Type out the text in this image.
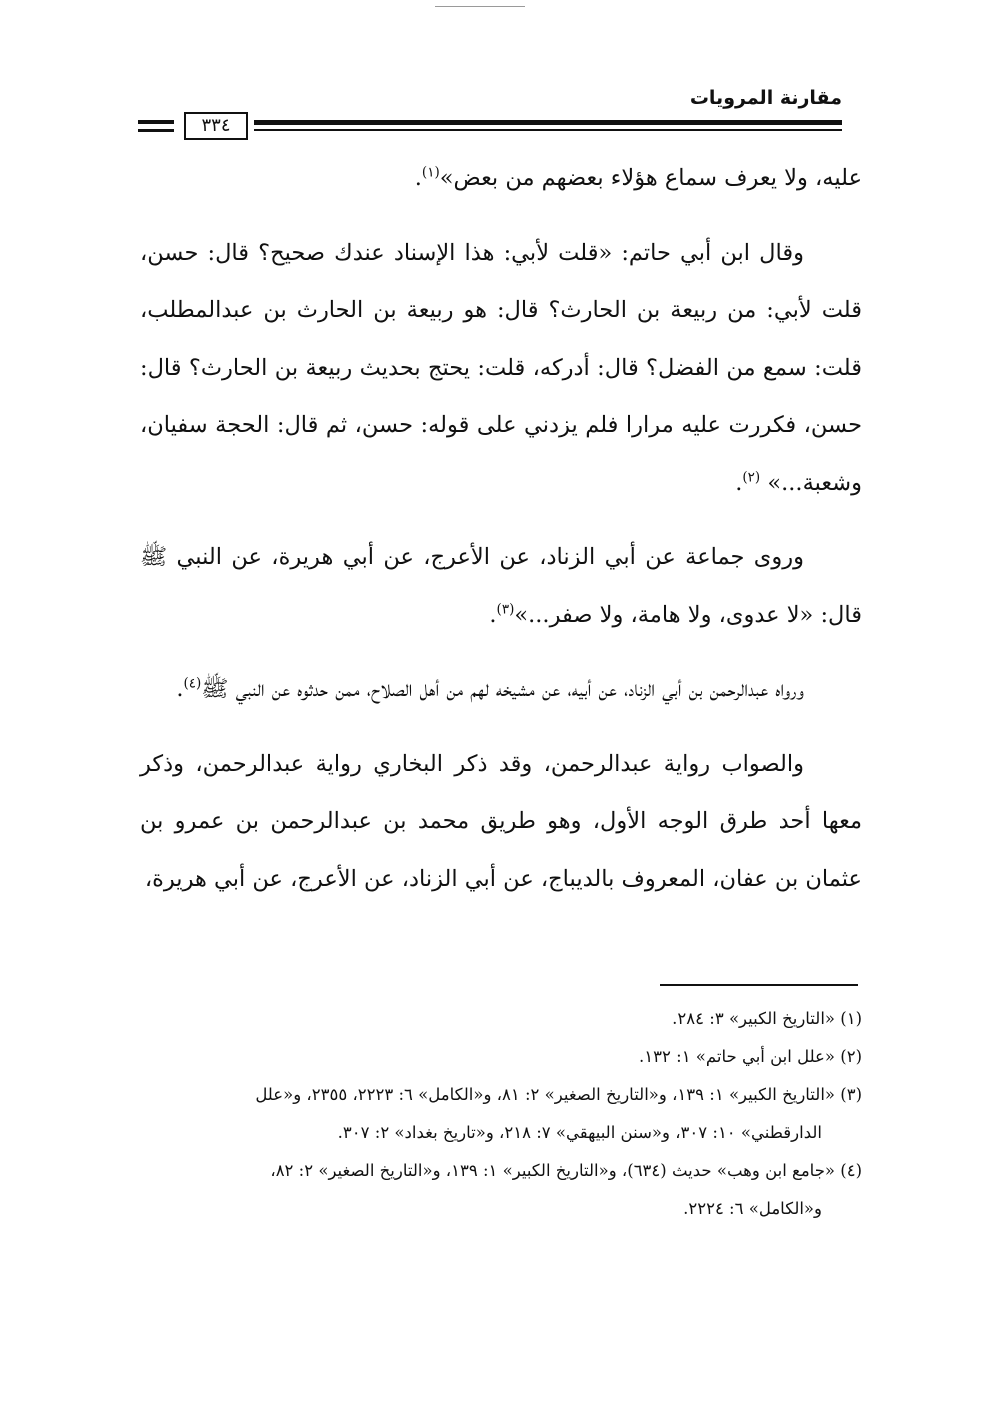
مقارنة المرويات
٣٣٤

عليه، ولا يعرف سماع هؤلاء بعضهم من بعض»$^{(١)}$.

وقال ابن أبي حاتم: «قلت لأبي: هذا الإسناد عندك صحيح؟ قال: حسن، قلت لأبي: من ربيعة بن الحارث؟ قال: هو ربيعة بن الحارث بن عبدالمطلب، قلت: سمع من الفضل؟ قال: أدركه، قلت: يحتج بحديث ربيعة بن الحارث؟ قال: حسن، فكررت عليه مرارا فلم يزدني على قوله: حسن، ثم قال: الحجة سفيان، وشعبة...» $^{(٢)}$.

وروى جماعة عن أبي الزناد، عن الأعرج، عن أبي هريرة، عن النبي ﷺ قال: «لا عدوى، ولا هامة، ولا صفر...»$^{(٣)}$.

ورواه عبدالرحمن بن أبي الزناد، عن أبيه، عن مشيخه لهم من أهل الصلاح، ممن حدثوه عن النبي ﷺ$^{(٤)}$.

والصواب رواية عبدالرحمن، وقد ذكر البخاري رواية عبدالرحمن، وذكر معها أحد طرق الوجه الأول، وهو طريق محمد بن عبدالرحمن بن عمرو بن عثمان بن عفان، المعروف بالديباج، عن أبي الزناد، عن الأعرج، عن أبي هريرة،

(١) «التاريخ الكبير» ٣: ٢٨٤.

(٢) «علل ابن أبي حاتم» ١: ١٣٢.

(٣) «التاريخ الكبير» ١: ١٣٩، و«التاريخ الصغير» ٢: ٨١، و«الكامل» ٦: ٢٢٢٣، ٢٣٥٥، و«علل

الدارقطني» ١٠: ٣٠٧، و«سنن البيهقي» ٧: ٢١٨، و«تاريخ بغداد» ٢: ٣٠٧.

(٤) «جامع ابن وهب» حديث (٦٣٤)، و«التاريخ الكبير» ١: ١٣٩، و«التاريخ الصغير» ٢: ٨٢،

و«الكامل» ٦: ٢٢٢٤.
